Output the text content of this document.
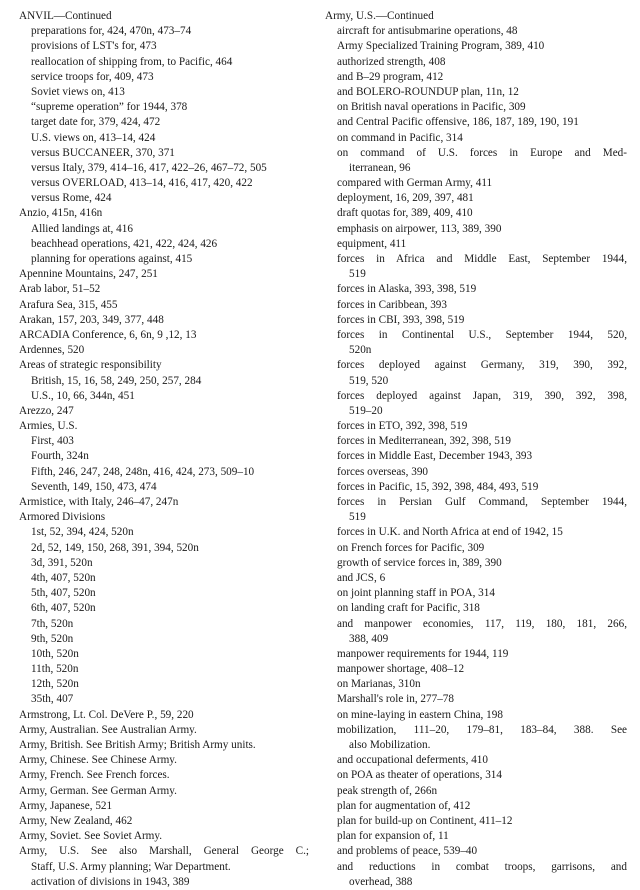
ANVIL—Continued
preparations for, 424, 470n, 473–74
provisions of LST's for, 473
reallocation of shipping from, to Pacific, 464
service troops for, 409, 473
Soviet views on, 413
“supreme operation” for 1944, 378
target date for, 379, 424, 472
U.S. views on, 413–14, 424
versus BUCCANEER, 370, 371
versus Italy, 379, 414–16, 417, 422–26, 467–72, 505
versus OVERLOAD, 413–14, 416, 417, 420, 422
versus Rome, 424
Anzio, 415n, 416n
Allied landings at, 416
beachhead operations, 421, 422, 424, 426
planning for operations against, 415
Apennine Mountains, 247, 251
Arab labor, 51–52
Arafura Sea, 315, 455
Arakan, 157, 203, 349, 377, 448
ARCADIA Conference, 6, 6n, 9 ,12, 13
Ardennes, 520
Areas of strategic responsibility
British, 15, 16, 58, 249, 250, 257, 284
U.S., 10, 66, 344n, 451
Arezzo, 247
Armies, U.S.
First, 403
Fourth, 324n
Fifth, 246, 247, 248, 248n, 416, 424, 273, 509–10
Seventh, 149, 150, 473, 474
Armistice, with Italy, 246–47, 247n
Armored Divisions
1st, 52, 394, 424, 520n
2d, 52, 149, 150, 268, 391, 394, 520n
3d, 391, 520n
4th, 407, 520n
5th, 407, 520n
6th, 407, 520n
7th, 520n
9th, 520n
10th, 520n
11th, 520n
12th, 520n
35th, 407
Armstrong, Lt. Col. DeVere P., 59, 220
Army, Australian. See Australian Army.
Army, British. See British Army; British Army units.
Army, Chinese. See Chinese Army.
Army, French. See French forces.
Army, German. See German Army.
Army, Japanese, 521
Army, New Zealand, 462
Army, Soviet. See Soviet Army.
Army, U.S. See also Marshall, General George C.;
Staff, U.S. Army planning; War Department.
activation of divisions in 1943, 389
Army, U.S.—Continued
aircraft for antisubmarine operations, 48
Army Specialized Training Program, 389, 410
authorized strength, 408
and B–29 program, 412
and BOLERO-ROUNDUP plan, 11n, 12
on British naval operations in Pacific, 309
and Central Pacific offensive, 186, 187, 189, 190, 191
on command in Pacific, 314
on command of U.S. forces in Europe and Med-
iterranean, 96
compared with German Army, 411
deployment, 16, 209, 397, 481
draft quotas for, 389, 409, 410
emphasis on airpower, 113, 389, 390
equipment, 411
forces in Africa and Middle East, September 1944,
519
forces in Alaska, 393, 398, 519
forces in Caribbean, 393
forces in CBI, 393, 398, 519
forces in Continental U.S., September 1944, 520,
520n
forces deployed against Germany, 319, 390, 392,
519, 520
forces deployed against Japan, 319, 390, 392, 398,
519–20
forces in ETO, 392, 398, 519
forces in Mediterranean, 392, 398, 519
forces in Middle East, December 1943, 393
forces overseas, 390
forces in Pacific, 15, 392, 398, 484, 493, 519
forces in Persian Gulf Command, September 1944,
519
forces in U.K. and North Africa at end of 1942, 15
on French forces for Pacific, 309
growth of service forces in, 389, 390
and JCS, 6
on joint planning staff in POA, 314
on landing craft for Pacific, 318
and manpower economies, 117, 119, 180, 181, 266,
388, 409
manpower requirements for 1944, 119
manpower shortage, 408–12
on Marianas, 310n
Marshall's role in, 277–78
on mine-laying in eastern China, 198
mobilization, 111–20, 179–81, 183–84, 388. See
also Mobilization.
and occupational deferments, 410
on POA as theater of operations, 314
peak strength of, 266n
plan for augmentation of, 412
plan for build-up on Continent, 411–12
plan for expansion of, 11
and problems of peace, 539–40
and reductions in combat troops, garrisons, and
overhead, 388
